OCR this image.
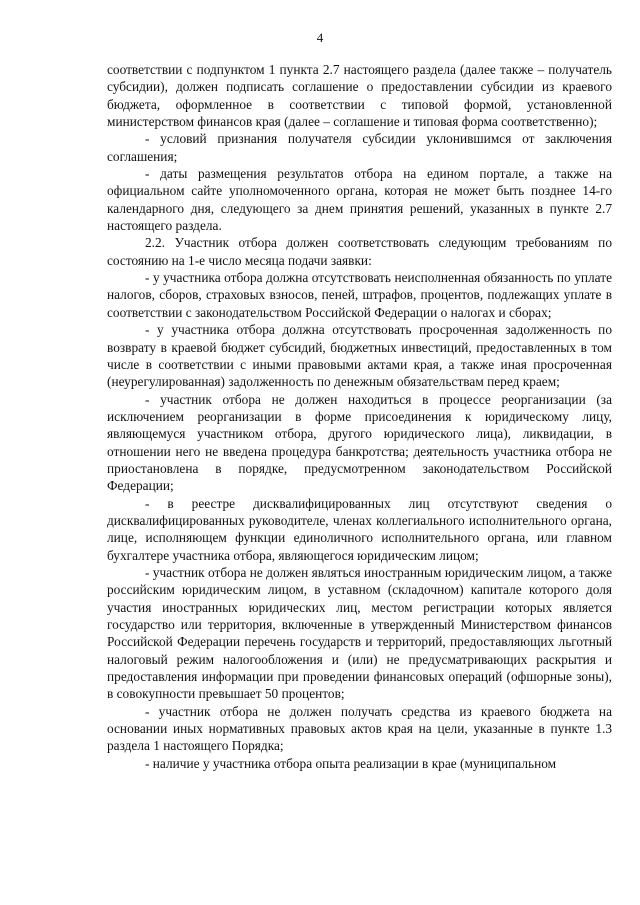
4

соответствии с подпунктом 1 пункта 2.7 настоящего раздела (далее также – получатель субсидии), должен подписать соглашение о предоставлении субсидии из краевого бюджета, оформленное в соответствии с типовой формой, установленной министерством финансов края (далее – соглашение и типовая форма соответственно);

- условий признания получателя субсидии уклонившимся от заключения соглашения;

- даты размещения результатов отбора на едином портале, а также на официальном сайте уполномоченного органа, которая не может быть позднее 14-го календарного дня, следующего за днем принятия решений, указанных в пункте 2.7 настоящего раздела.

2.2. Участник отбора должен соответствовать следующим требованиям по состоянию на 1-е число месяца подачи заявки:

- у участника отбора должна отсутствовать неисполненная обязанность по уплате налогов, сборов, страховых взносов, пеней, штрафов, процентов, подлежащих уплате в соответствии с законодательством Российской Федерации о налогах и сборах;

- у участника отбора должна отсутствовать просроченная задолженность по возврату в краевой бюджет субсидий, бюджетных инвестиций, предоставленных в том числе в соответствии с иными правовыми актами края, а также иная просроченная (неурегулированная) задолженность по денежным обязательствам перед краем;

- участник отбора не должен находиться в процессе реорганизации (за исключением реорганизации в форме присоединения к юридическому лицу, являющемуся участником отбора, другого юридического лица), ликвидации, в отношении него не введена процедура банкротства; деятельность участника отбора не приостановлена в порядке, предусмотренном законодательством Российской Федерации;

- в реестре дисквалифицированных лиц отсутствуют сведения о дисквалифицированных руководителе, членах коллегиального исполнительного органа, лице, исполняющем функции единоличного исполнительного органа, или главном бухгалтере участника отбора, являющегося юридическим лицом;

- участник отбора не должен являться иностранным юридическим лицом, а также российским юридическим лицом, в уставном (складочном) капитале которого доля участия иностранных юридических лиц, местом регистрации которых является государство или территория, включенные в утвержденный Министерством финансов Российской Федерации перечень государств и территорий, предоставляющих льготный налоговый режим налогообложения и (или) не предусматривающих раскрытия и предоставления информации при проведении финансовых операций (офшорные зоны), в совокупности превышает 50 процентов;

- участник отбора не должен получать средства из краевого бюджета на основании иных нормативных правовых актов края на цели, указанные в пункте 1.3 раздела 1 настоящего Порядка;

- наличие у участника отбора опыта реализации в крае (муниципальном
